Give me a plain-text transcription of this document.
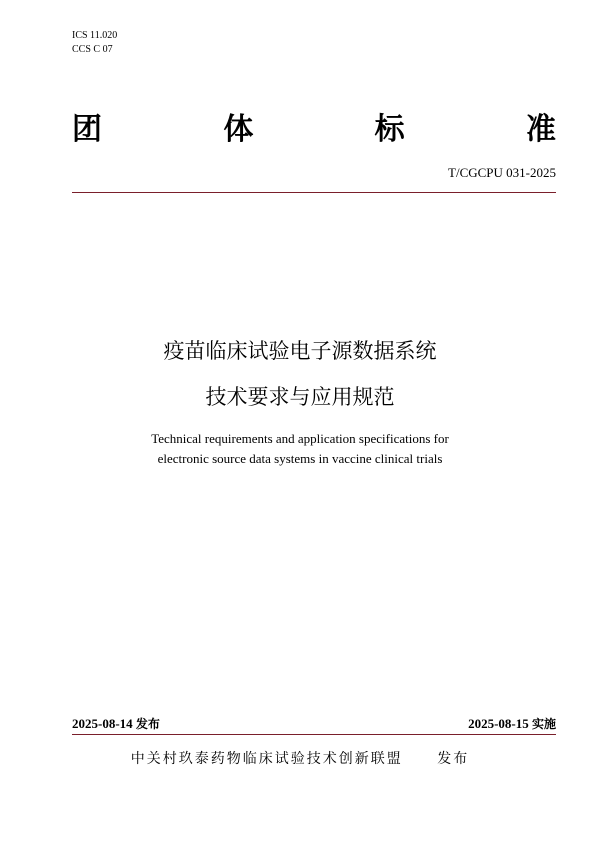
ICS 11.020
CCS C 07
团	体	标	准
T/CGCPU 031-2025
疫苗临床试验电子源数据系统
技术要求与应用规范
Technical requirements and application specifications for
electronic source data systems in vaccine clinical trials
2025-08-14 发布	2025-08-15 实施
中关村玖泰药物临床试验技术创新联盟 发布
